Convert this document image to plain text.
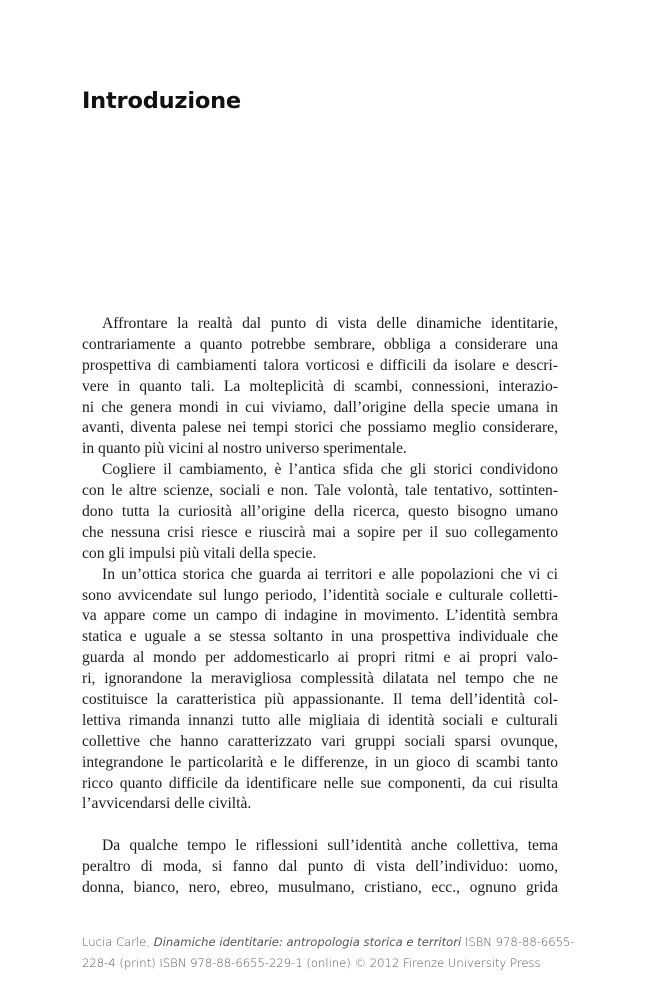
Introduzione
Affrontare la realtà dal punto di vista delle dinamiche identitarie,
contrariamente a quanto potrebbe sembrare, obbliga a considerare una
prospettiva di cambiamenti talora vorticosi e difficili da isolare e descri-
vere in quanto tali. La molteplicità di scambi, connessioni, interazio-
ni che genera mondi in cui viviamo, dall’origine della specie umana in
avanti, diventa palese nei tempi storici che possiamo meglio considerare,
in quanto più vicini al nostro universo sperimentale.
Cogliere il cambiamento, è l’antica sfida che gli storici condividono
con le altre scienze, sociali e non. Tale volontà, tale tentativo, sottinten-
dono tutta la curiosità all’origine della ricerca, questo bisogno umano
che nessuna crisi riesce e riuscirà mai a sopire per il suo collegamento
con gli impulsi più vitali della specie.
In un’ottica storica che guarda ai territori e alle popolazioni che vi ci
sono avvicendate sul lungo periodo, l’identità sociale e culturale colletti-
va appare come un campo di indagine in movimento. L’identità sembra
statica e uguale a se stessa soltanto in una prospettiva individuale che
guarda al mondo per addomesticarlo ai propri ritmi e ai propri valo-
ri, ignorandone la meravigliosa complessità dilatata nel tempo che ne
costituisce la caratteristica più appassionante. Il tema dell’identità col-
lettiva rimanda innanzi tutto alle migliaia di identità sociali e culturali
collettive che hanno caratterizzato vari gruppi sociali sparsi ovunque,
integrandone le particolarità e le differenze, in un gioco di scambi tanto
ricco quanto difficile da identificare nelle sue componenti, da cui risulta
l’avvicendarsi delle civiltà.
Da qualche tempo le riflessioni sull’identità anche collettiva, tema
peraltro di moda, si fanno dal punto di vista dell’individuo: uomo,
donna, bianco, nero, ebreo, musulmano, cristiano, ecc., ognuno grida
Lucia Carle, Dinamiche identitarie: antropologia storica e territori ISBN 978-88-6655-
228-4 (print) ISBN 978-88-6655-229-1 (online) © 2012 Firenze University Press
